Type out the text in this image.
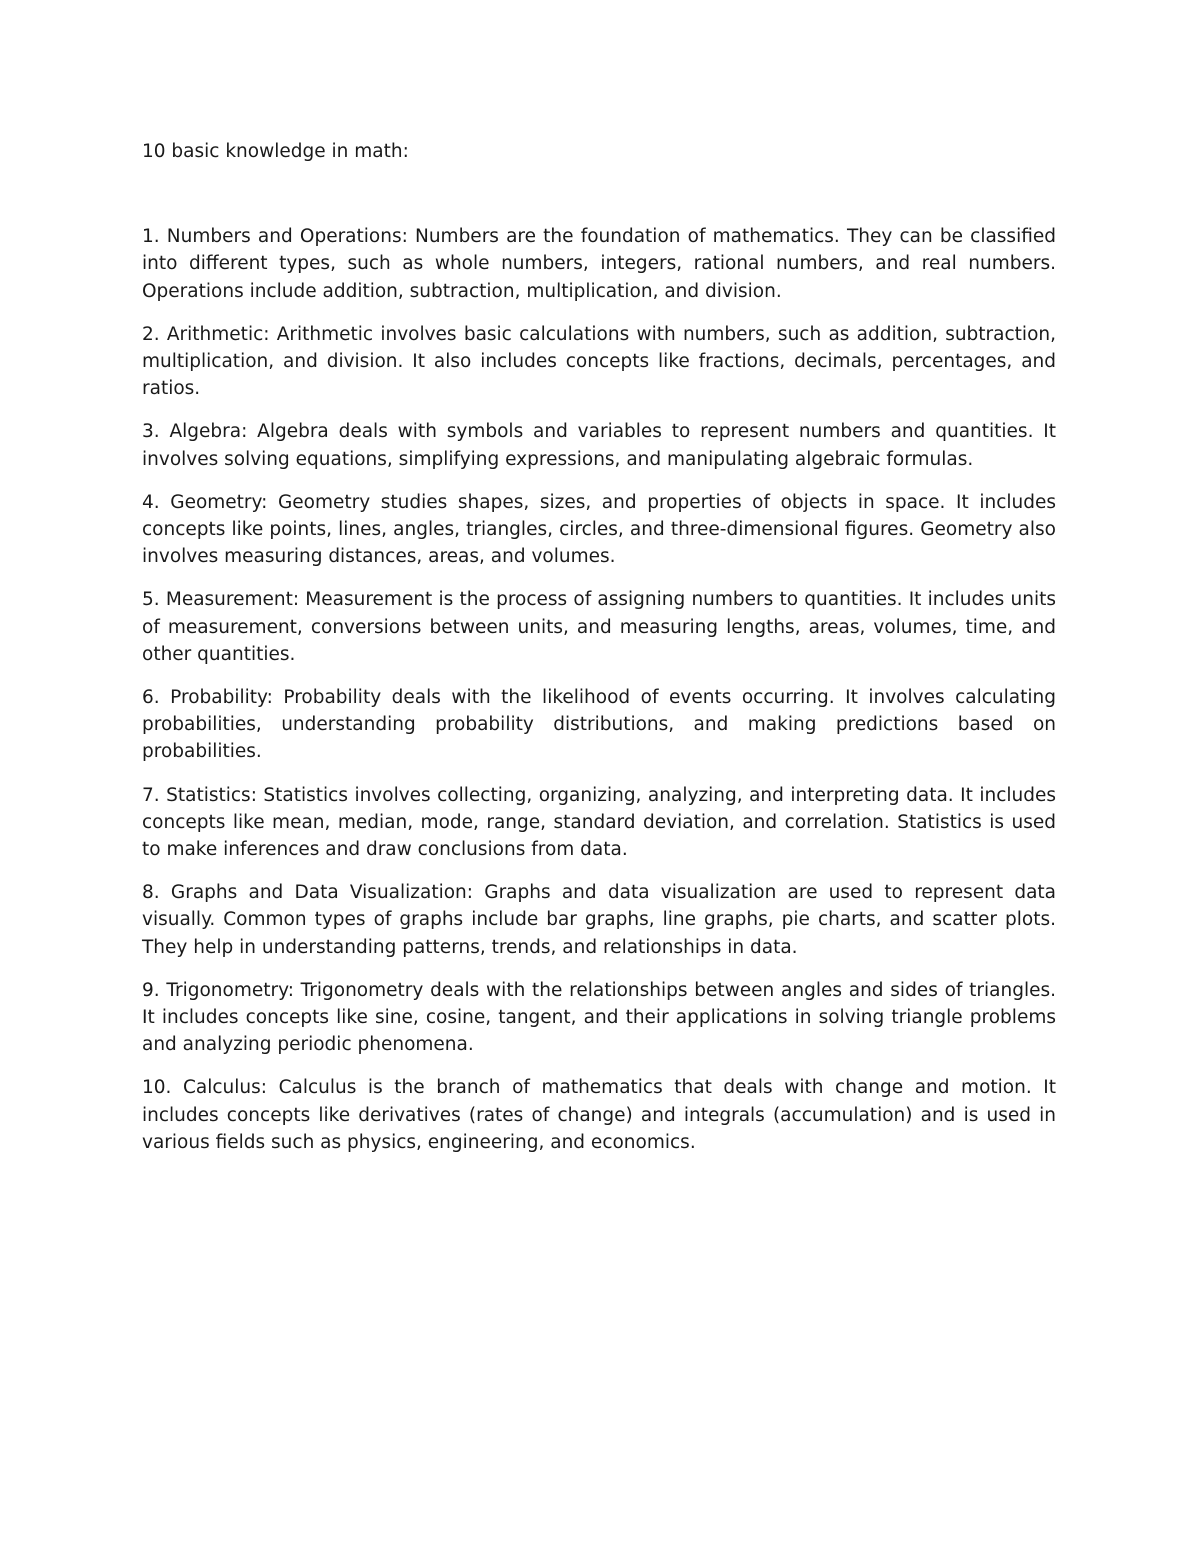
10 basic knowledge in math:

1. Numbers and Operations: Numbers are the foundation of mathematics. They can be classified into different types, such as whole numbers, integers, rational numbers, and real numbers. Operations include addition, subtraction, multiplication, and division.

2. Arithmetic: Arithmetic involves basic calculations with numbers, such as addition, subtraction, multiplication, and division. It also includes concepts like fractions, decimals, percentages, and ratios.

3. Algebra: Algebra deals with symbols and variables to represent numbers and quantities. It involves solving equations, simplifying expressions, and manipulating algebraic formulas.

4. Geometry: Geometry studies shapes, sizes, and properties of objects in space. It includes concepts like points, lines, angles, triangles, circles, and three-dimensional figures. Geometry also involves measuring distances, areas, and volumes.

5. Measurement: Measurement is the process of assigning numbers to quantities. It includes units of measurement, conversions between units, and measuring lengths, areas, volumes, time, and other quantities.

6. Probability: Probability deals with the likelihood of events occurring. It involves calculating probabilities, understanding probability distributions, and making predictions based on probabilities.

7. Statistics: Statistics involves collecting, organizing, analyzing, and interpreting data. It includes concepts like mean, median, mode, range, standard deviation, and correlation. Statistics is used to make inferences and draw conclusions from data.

8. Graphs and Data Visualization: Graphs and data visualization are used to represent data visually. Common types of graphs include bar graphs, line graphs, pie charts, and scatter plots. They help in understanding patterns, trends, and relationships in data.

9. Trigonometry: Trigonometry deals with the relationships between angles and sides of triangles. It includes concepts like sine, cosine, tangent, and their applications in solving triangle problems and analyzing periodic phenomena.

10. Calculus: Calculus is the branch of mathematics that deals with change and motion. It includes concepts like derivatives (rates of change) and integrals (accumulation) and is used in various fields such as physics, engineering, and economics.
